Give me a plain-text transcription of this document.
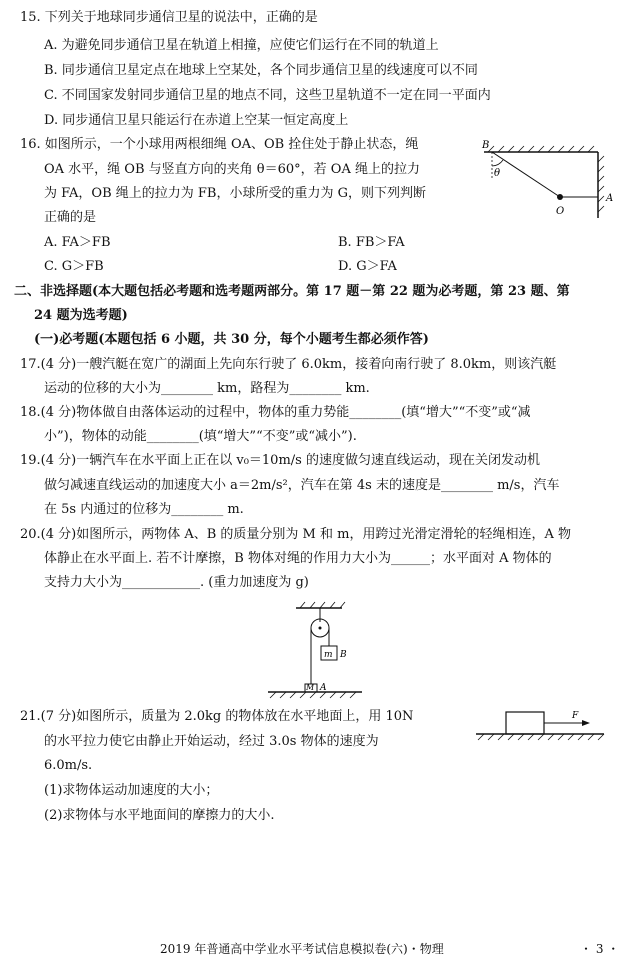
15. 下列关于地球同步通信卫星的说法中，正确的是
A. 为避免同步通信卫星在轨道上相撞，应使它们运行在不同的轨道上
B. 同步通信卫星定点在地球上空某处，各个同步通信卫星的线速度可以不同
C. 不同国家发射同步通信卫星的地点不同，这些卫星轨道不一定在同一平面内
D. 同步通信卫星只能运行在赤道上空某一恒定高度上
16. 如图所示，一个小球用两根细绳 OA、OB 拴住处于静止状态，绳
OA 水平，绳 OB 与竖直方向的夹角 θ＝60°，若 OA 绳上的拉力
为 FA，OB 绳上的拉力为 FB，小球所受的重力为 G，则下列判断
正确的是
A. FA＞FB	B. FB＞FA
C. G＞FB	D. G＞FA
B
θ
O
A
二、非选择题(本大题包括必考题和选考题两部分。第 17 题－第 22 题为必考题，第 23 题、第
24 题为选考题)
(一)必考题(本题包括 6 小题，共 30 分，每个小题考生都必须作答)
17.(4 分)一艘汽艇在宽广的湖面上先向东行驶了 6.0km，接着向南行驶了 8.0km，则该汽艇
运动的位移的大小为________ km，路程为________ km.
18.(4 分)物体做自由落体运动的过程中，物体的重力势能________(填“增大”“不变”或“减
小”)，物体的动能________(填“增大”“不变”或“减小”).
19.(4 分)一辆汽车在水平面上正在以 v₀＝10m/s 的速度做匀速直线运动，现在关闭发动机
做匀减速直线运动的加速度大小 a＝2m/s²，汽车在第 4s 末的速度是________ m/s，汽车
在 5s 内通过的位移为________ m.
20.(4 分)如图所示，两物体 A、B 的质量分别为 M 和 m，用跨过光滑定滑轮的轻绳相连，A 物
体静止在水平面上. 若不计摩擦，B 物体对绳的作用力大小为______；水平面对 A 物体的
支持力大小为____________. (重力加速度为 g)
m B
M A
21.(7 分)如图所示，质量为 2.0kg 的物体放在水平地面上，用 10N
的水平拉力使它由静止开始运动，经过 3.0s 物体的速度为
6.0m/s.
(1)求物体运动加速度的大小；
(2)求物体与水平地面间的摩擦力的大小.
F
2019 年普通高中学业水平考试信息模拟卷(六)・物理	・ 3 ・
